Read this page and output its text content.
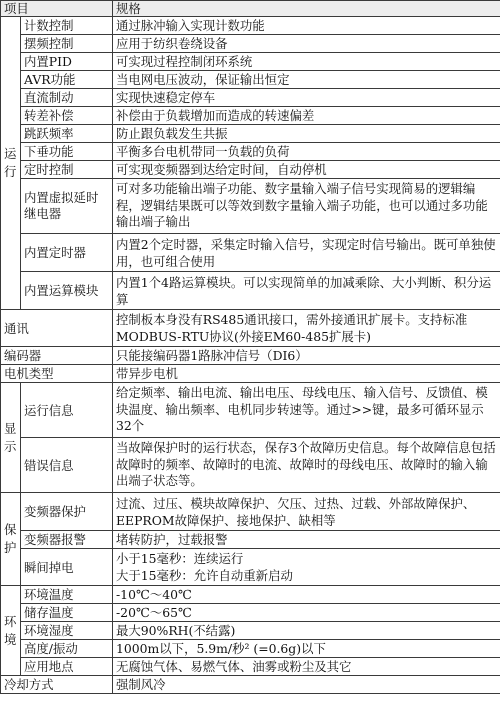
项目		规格
运行	计数控制	通过脉冲输入实现计数功能
	摆频控制	应用于纺织卷绕设备
	内置PID	可实现过程控制闭环系统
	AVR功能	当电网电压波动，保证输出恒定
	直流制动	实现快速稳定停车
	转差补偿	补偿由于负载增加而造成的转速偏差
	跳跃频率	防止跟负载发生共振
	下垂功能	平衡多台电机带同一负载的负荷
	定时控制	可实现变频器到达给定时间，自动停机
	内置虚拟延时继电器	可对多功能输出端子功能、数字量输入端子信号实现简易的逻辑编程，逻辑结果既可以等效到数字量输入端子功能，也可以通过多功能输出端子输出
	内置定时器	内置2个定时器，采集定时输入信号，实现定时信号输出。既可单独使用，也可组合使用
	内置运算模块	内置1个4路运算模块。可以实现简单的加减乘除、大小判断、积分运算
通讯		控制板本身没有RS485通讯接口，需外接通讯扩展卡。支持标准MODBUS-RTU协议(外接EM60-485扩展卡)
编码器		只能接编码器1路脉冲信号（DI6）
电机类型		带异步电机
显示	运行信息	给定频率、输出电流、输出电压、母线电压、输入信号、反馈值、模块温度、输出频率、电机同步转速等。通过>>键，最多可循环显示32个
	错误信息	当故障保护时的运行状态，保存3个故障历史信息。每个故障信息包括故障时的频率、故障时的电流、故障时的母线电压、故障时的输入输出端子状态等。
保护	变频器保护	过流、过压、模块故障保护、欠压、过热、过载、外部故障保护、EEPROM故障保护、接地保护、缺相等
	变频器报警	堵转防护，过载报警
	瞬间掉电	小于15毫秒：连续运行
大于15毫秒：允许自动重新启动

环境	环境温度	-10℃～40℃
	储存温度	-20℃～65℃
	环境湿度	最大90%RH(不结露)
	高度/振动	1000m以下，5.9m/秒² (=0.6g)以下
	应用地点	无腐蚀气体、易燃气体、油雾或粉尘及其它
冷却方式		强制风冷
